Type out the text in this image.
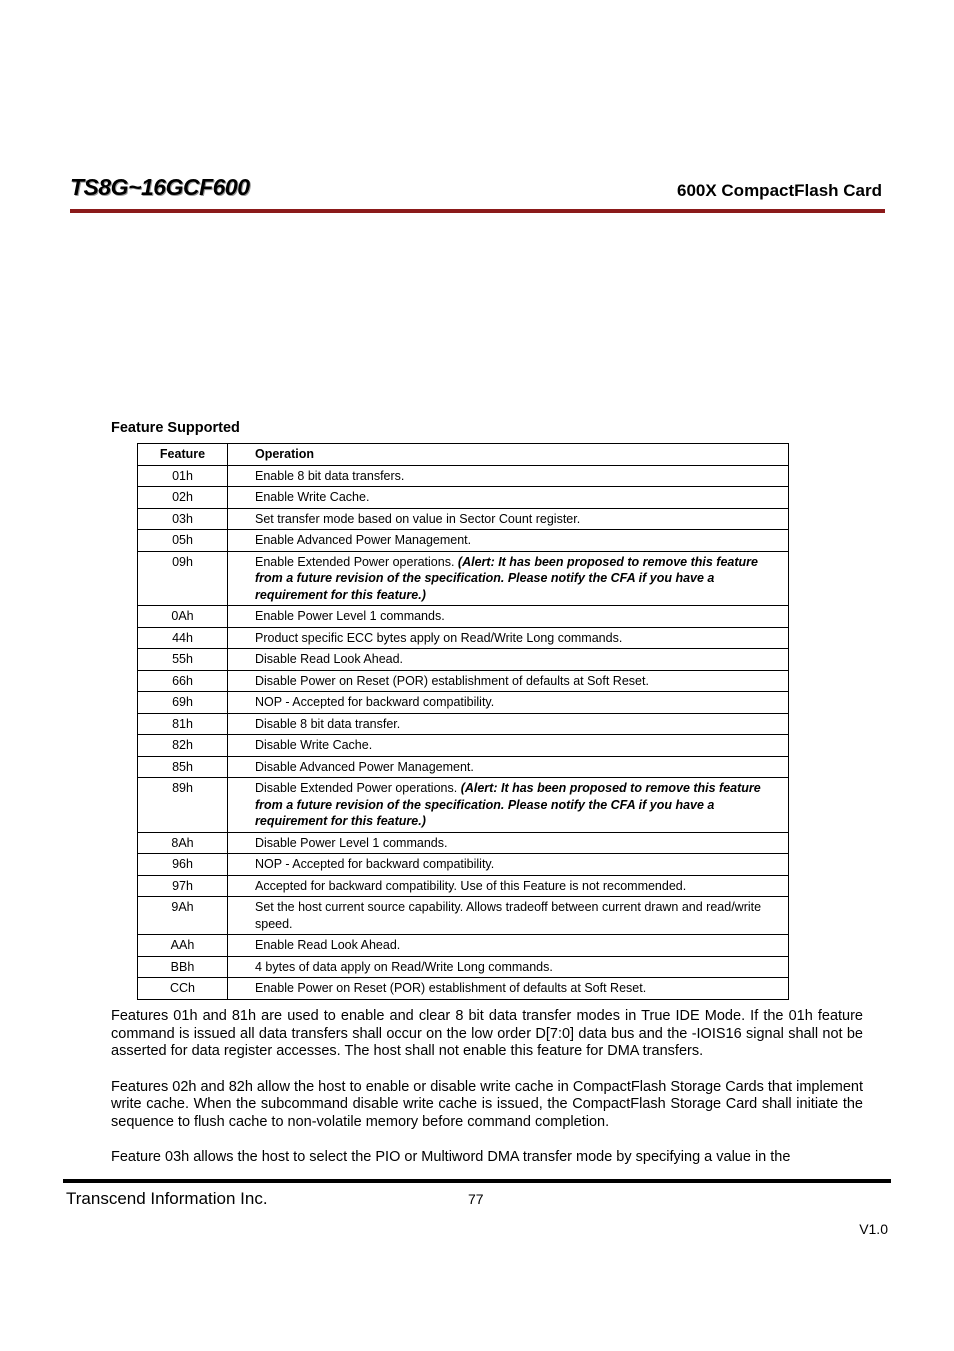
TS8G~16GCF600	600X CompactFlash Card
Feature Supported
Feature	Operation
01h	Enable 8 bit data transfers.
02h	Enable Write Cache.
03h	Set transfer mode based on value in Sector Count register.
05h	Enable Advanced Power Management.
09h	Enable Extended Power operations. (Alert: It has been proposed to remove this feature from a future revision of the specification. Please notify the CFA if you have a requirement for this feature.)
0Ah	Enable Power Level 1 commands.
44h	Product specific ECC bytes apply on Read/Write Long commands.
55h	Disable Read Look Ahead.
66h	Disable Power on Reset (POR) establishment of defaults at Soft Reset.
69h	NOP - Accepted for backward compatibility.
81h	Disable 8 bit data transfer.
82h	Disable Write Cache.
85h	Disable Advanced Power Management.
89h	Disable Extended Power operations. (Alert: It has been proposed to remove this feature from a future revision of the specification. Please notify the CFA if you have a requirement for this feature.)
8Ah	Disable Power Level 1 commands.
96h	NOP - Accepted for backward compatibility.
97h	Accepted for backward compatibility. Use of this Feature is not recommended.
9Ah	Set the host current source capability. Allows tradeoff between current drawn and read/write speed.
AAh	Enable Read Look Ahead.
BBh	4 bytes of data apply on Read/Write Long commands.
CCh	Enable Power on Reset (POR) establishment of defaults at Soft Reset.

Features 01h and 81h are used to enable and clear 8 bit data transfer modes in True IDE Mode. If the 01h feature command is issued all data transfers shall occur on the low order D[7:0] data bus and the -IOIS16 signal shall not be asserted for data register accesses. The host shall not enable this feature for DMA transfers.

Features 02h and 82h allow the host to enable or disable write cache in CompactFlash Storage Cards that implement write cache. When the subcommand disable write cache is issued, the CompactFlash Storage Card shall initiate the sequence to flush cache to non-volatile memory before command completion.

Feature 03h allows the host to select the PIO or Multiword DMA transfer mode by specifying a value in the

Transcend Information Inc.	77
V1.0
